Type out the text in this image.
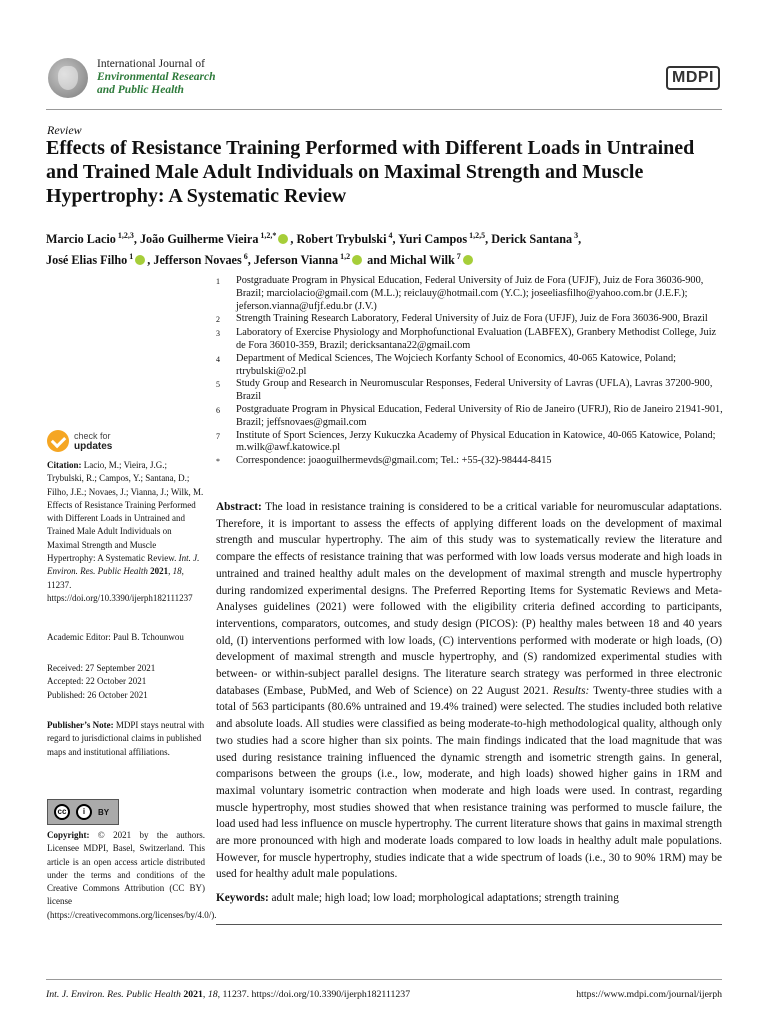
International Journal of
Environmental Research
and Public Health
MDPI
Review
Effects of Resistance Training Performed with Different Loads in Untrained and Trained Male Adult Individuals on Maximal Strength and Muscle Hypertrophy: A Systematic Review
Marcio Lacio $^{1,2,3}$, João Guilherme Vieira $^{1,2,*}$ , Robert Trybulski $^4$, Yuri Campos $^{1,2,5}$, Derick Santana $^3$,
José Elias Filho $^1$ , Jefferson Novaes $^6$, Jeferson Vianna $^{1,2}$ and Michal Wilk $^7$
1	Postgraduate Program in Physical Education, Federal University of Juiz de Fora (UFJF), Juiz de Fora 36036-900, Brazil; marciolacio@gmail.com (M.L.); reiclauy@hotmail.com (Y.C.); joseeliasfilho@yahoo.com.br (J.E.F.); jeferson.vianna@ufjf.edu.br (J.V.)
2	Strength Training Research Laboratory, Federal University of Juiz de Fora (UFJF), Juiz de Fora 36036-900, Brazil
3	Laboratory of Exercise Physiology and Morphofunctional Evaluation (LABFEX), Granbery Methodist College, Juiz de Fora 36010-359, Brazil; dericksantana22@gmail.com
4	Department of Medical Sciences, The Wojciech Korfanty School of Economics, 40-065 Katowice, Poland; rtrybulski@o2.pl
5	Study Group and Research in Neuromuscular Responses, Federal University of Lavras (UFLA), Lavras 37200-900, Brazil
6	Postgraduate Program in Physical Education, Federal University of Rio de Janeiro (UFRJ), Rio de Janeiro 21941-901, Brazil; jeffsnovaes@gmail.com
7	Institute of Sport Sciences, Jerzy Kukuczka Academy of Physical Education in Katowice, 40-065 Katowice, Poland; m.wilk@awf.katowice.pl
*	Correspondence: joaoguilhermevds@gmail.com; Tel.: +55-(32)-98444-8415
check for
updates
Citation: Lacio, M.; Vieira, J.G.; Trybulski, R.; Campos, Y.; Santana, D.; Filho, J.E.; Novaes, J.; Vianna, J.; Wilk, M. Effects of Resistance Training Performed with Different Loads in Untrained and Trained Male Adult Individuals on Maximal Strength and Muscle Hypertrophy: A Systematic Review. Int. J. Environ. Res. Public Health 2021, 18, 11237. https://doi.org/10.3390/ijerph182111237
Academic Editor: Paul B. Tchounwou
Received: 27 September 2021
Accepted: 22 October 2021
Published: 26 October 2021
Publisher’s Note: MDPI stays neutral with regard to jurisdictional claims in published maps and institutional affiliations.
cc	i	BY
Copyright: © 2021 by the authors. Licensee MDPI, Basel, Switzerland. This article is an open access article distributed under the terms and conditions of the Creative Commons Attribution (CC BY) license (https://creativecommons.org/licenses/by/4.0/).
Abstract: The load in resistance training is considered to be a critical variable for neuromuscular adaptations. Therefore, it is important to assess the effects of applying different loads on the development of maximal strength and muscular hypertrophy. The aim of this study was to systematically review the literature and compare the effects of resistance training that was performed with low loads versus moderate and high loads in untrained and trained healthy adult males on the development of maximal strength and muscle hypertrophy during randomized experimental designs. The Preferred Reporting Items for Systematic Reviews and Meta-Analyses guidelines (2021) were followed with the eligibility criteria defined according to participants, interventions, comparators, outcomes, and study design (PICOS): (P) healthy males between 18 and 40 years old, (I) interventions performed with low loads, (C) interventions performed with moderate or high loads, (O) development of maximal strength and muscle hypertrophy, and (S) randomized experimental studies with between- or within-subject parallel designs. The literature search strategy was performed in three electronic databases (Embase, PubMed, and Web of Science) on 22 August 2021. Results: Twenty-three studies with a total of 563 participants (80.6% untrained and 19.4% trained) were selected. The studies included both relative and absolute loads. All studies were classified as being moderate-to-high methodological quality, although only two studies had a score higher than six points. The main findings indicated that the load magnitude that was used during resistance training influenced the dynamic strength and isometric strength gains. In general, comparisons between the groups (i.e., low, moderate, and high loads) showed higher gains in 1RM and maximal voluntary isometric contraction when moderate and high loads were used. In contrast, regarding muscle hypertrophy, most studies showed that when resistance training was performed to muscle failure, the load used had less influence on muscle hypertrophy. The current literature shows that gains in maximal strength are more pronounced with high and moderate loads compared to low loads in healthy adult male populations. However, for muscle hypertrophy, studies indicate that a wide spectrum of loads (i.e., 30 to 90% 1RM) may be used for healthy adult male populations.
Keywords: adult male; high load; low load; morphological adaptations; strength training
Int. J. Environ. Res. Public Health 2021, 18, 11237. https://doi.org/10.3390/ijerph182111237	https://www.mdpi.com/journal/ijerph
